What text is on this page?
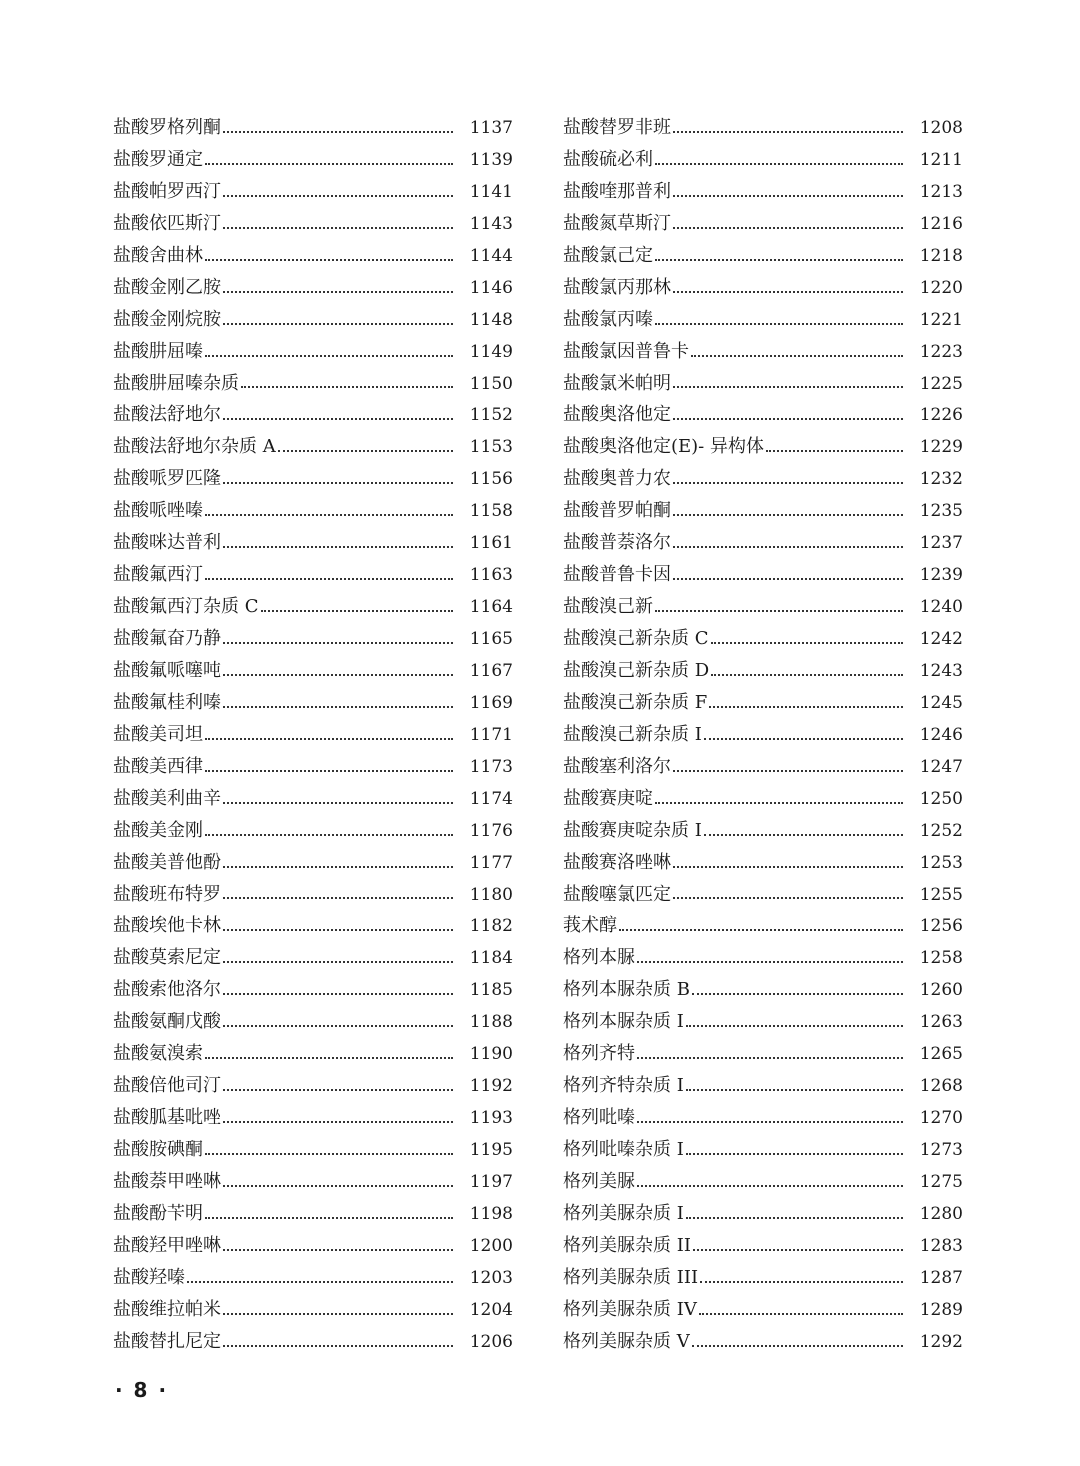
盐酸罗格列酮	1137
盐酸罗通定	1139
盐酸帕罗西汀	1141
盐酸依匹斯汀	1143
盐酸舍曲林	1144
盐酸金刚乙胺	1146
盐酸金刚烷胺	1148
盐酸肼屈嗪	1149
盐酸肼屈嗪杂质	1150
盐酸法舒地尔	1152
盐酸法舒地尔杂质 A	1153
盐酸哌罗匹隆	1156
盐酸哌唑嗪	1158
盐酸咪达普利	1161
盐酸氟西汀	1163
盐酸氟西汀杂质 C	1164
盐酸氟奋乃静	1165
盐酸氟哌噻吨	1167
盐酸氟桂利嗪	1169
盐酸美司坦	1171
盐酸美西律	1173
盐酸美利曲辛	1174
盐酸美金刚	1176
盐酸美普他酚	1177
盐酸班布特罗	1180
盐酸埃他卡林	1182
盐酸莫索尼定	1184
盐酸索他洛尔	1185
盐酸氨酮戊酸	1188
盐酸氨溴索	1190
盐酸倍他司汀	1192
盐酸胍基吡唑	1193
盐酸胺碘酮	1195
盐酸萘甲唑啉	1197
盐酸酚苄明	1198
盐酸羟甲唑啉	1200
盐酸羟嗪	1203
盐酸维拉帕米	1204
盐酸替扎尼定	1206
盐酸替罗非班	1208
盐酸硫必利	1211
盐酸喹那普利	1213
盐酸氮草斯汀	1216
盐酸氯己定	1218
盐酸氯丙那林	1220
盐酸氯丙嗪	1221
盐酸氯因普鲁卡	1223
盐酸氯米帕明	1225
盐酸奥洛他定	1226
盐酸奥洛他定(E)- 异构体	1229
盐酸奥普力农	1232
盐酸普罗帕酮	1235
盐酸普萘洛尔	1237
盐酸普鲁卡因	1239
盐酸溴己新	1240
盐酸溴己新杂质 C	1242
盐酸溴己新杂质 D	1243
盐酸溴己新杂质 F	1245
盐酸溴己新杂质 I	1246
盐酸塞利洛尔	1247
盐酸赛庚啶	1250
盐酸赛庚啶杂质 I	1252
盐酸赛洛唑啉	1253
盐酸噻氯匹定	1255
莪术醇	1256
格列本脲	1258
格列本脲杂质 B	1260
格列本脲杂质 I	1263
格列齐特	1265
格列齐特杂质 I	1268
格列吡嗪	1270
格列吡嗪杂质 I	1273
格列美脲	1275
格列美脲杂质 I	1280
格列美脲杂质 II	1283
格列美脲杂质 III	1287
格列美脲杂质 IV	1289
格列美脲杂质 V	1292
· 8 ·
